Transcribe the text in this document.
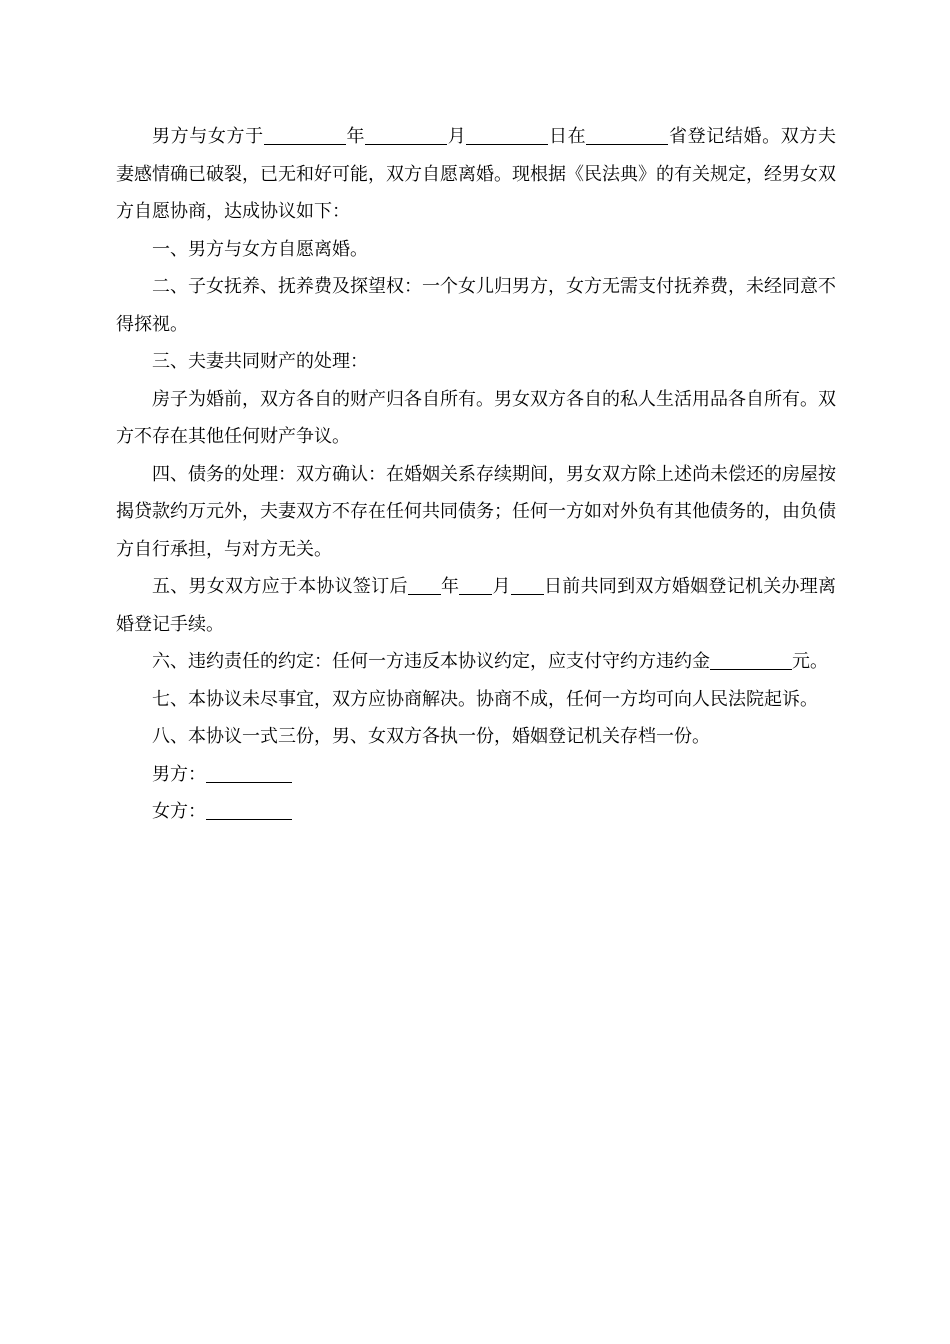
男方与女方于	年	月	日在	省登记结婚。双方夫妻感情确已破裂，已无和好可能，双方自愿离婚。现根据《民法典》的有关规定，经男女双方自愿协商，达成协议如下：

一、男方与女方自愿离婚。

二、子女抚养、抚养费及探望权：一个女儿归男方，女方无需支付抚养费，未经同意不得探视。

三、夫妻共同财产的处理：

房子为婚前，双方各自的财产归各自所有。男女双方各自的私人生活用品各自所有。双方不存在其他任何财产争议。

四、债务的处理：双方确认：在婚姻关系存续期间，男女双方除上述尚未偿还的房屋按揭贷款约万元外，夫妻双方不存在任何共同债务；任何一方如对外负有其他债务的，由负债方自行承担，与对方无关。

五、男女双方应于本协议签订后 年 月 日前共同到双方婚姻登记机关办理离婚登记手续。

六、违约责任的约定：任何一方违反本协议约定，应支付守约方违约金	元。

七、本协议未尽事宜，双方应协商解决。协商不成，任何一方均可向人民法院起诉。

八、本协议一式三份，男、女双方各执一份，婚姻登记机关存档一份。

男方：

女方：
